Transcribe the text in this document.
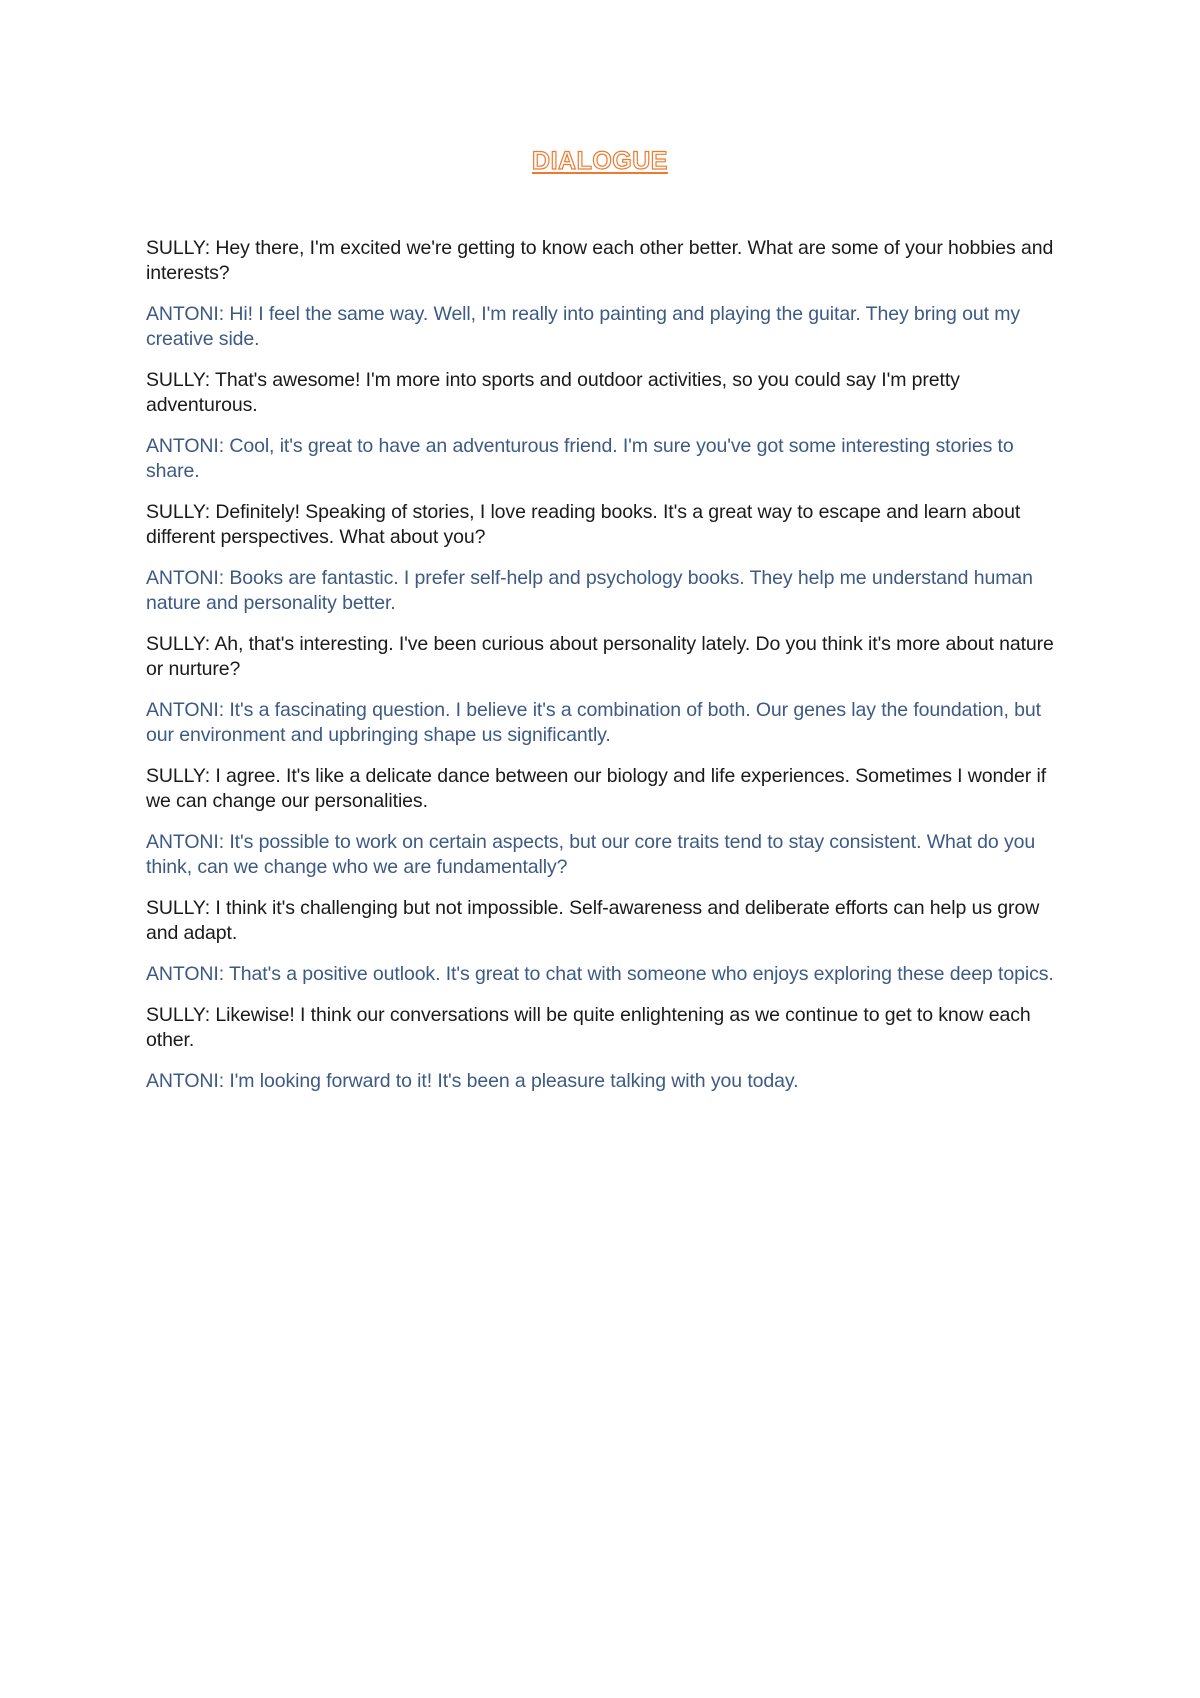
DIALOGUE

SULLY: Hey there, I'm excited we're getting to know each other better. What are some of your hobbies and interests?

ANTONI: Hi! I feel the same way. Well, I'm really into painting and playing the guitar. They bring out my creative side.

SULLY: That's awesome! I'm more into sports and outdoor activities, so you could say I'm pretty adventurous.

ANTONI: Cool, it's great to have an adventurous friend. I'm sure you've got some interesting stories to share.

SULLY: Definitely! Speaking of stories, I love reading books. It's a great way to escape and learn about different perspectives. What about you?

ANTONI: Books are fantastic. I prefer self-help and psychology books. They help me understand human nature and personality better.

SULLY: Ah, that's interesting. I've been curious about personality lately. Do you think it's more about nature or nurture?

ANTONI: It's a fascinating question. I believe it's a combination of both. Our genes lay the foundation, but our environment and upbringing shape us significantly.

SULLY: I agree. It's like a delicate dance between our biology and life experiences. Sometimes I wonder if we can change our personalities.

ANTONI: It's possible to work on certain aspects, but our core traits tend to stay consistent. What do you think, can we change who we are fundamentally?

SULLY: I think it's challenging but not impossible. Self-awareness and deliberate efforts can help us grow and adapt.

ANTONI: That's a positive outlook. It's great to chat with someone who enjoys exploring these deep topics.

SULLY: Likewise! I think our conversations will be quite enlightening as we continue to get to know each other.

ANTONI: I'm looking forward to it! It's been a pleasure talking with you today.
